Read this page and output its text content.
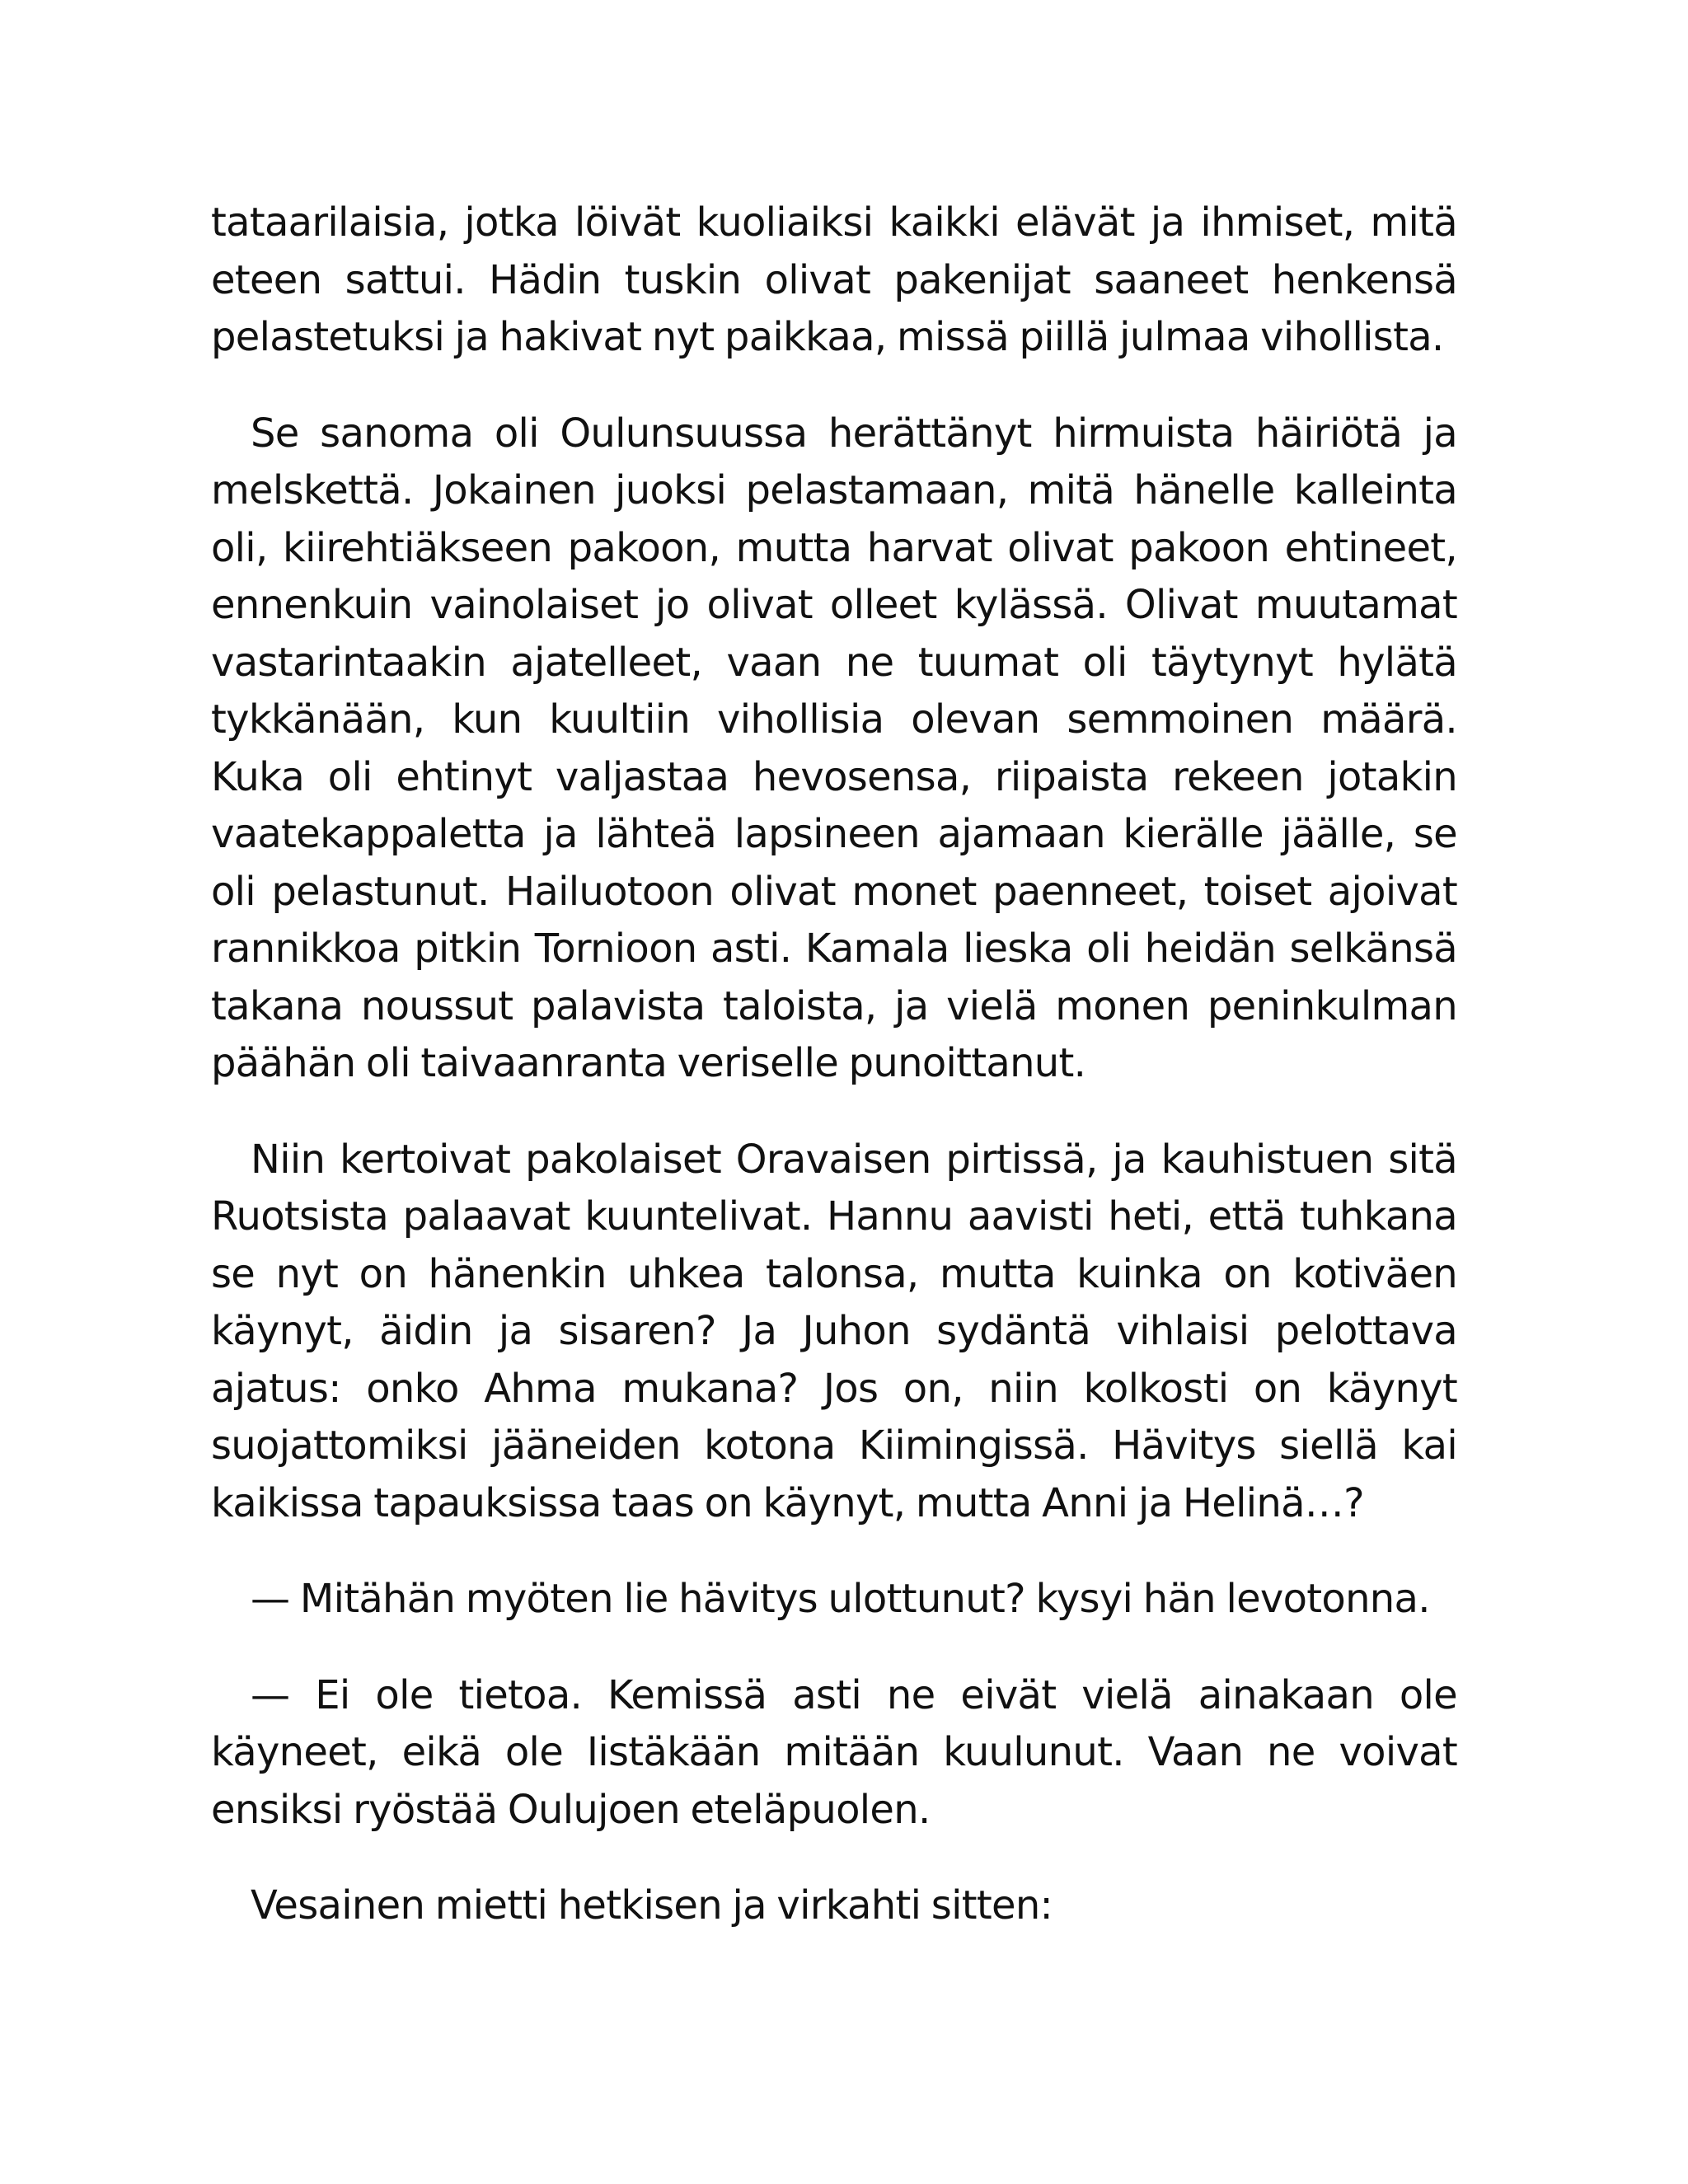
tataarilaisia, jotka löivät kuoliaiksi kaikki elävät ja ihmiset, mitä eteen sattui. Hädin tuskin olivat pakenijat saaneet henkensä pelastetuksi ja hakivat nyt paikkaa, missä piillä julmaa vihollista.

Se sanoma oli Oulunsuussa herättänyt hirmuista häiriötä ja melskettä. Jokainen juoksi pelastamaan, mitä hänelle kalleinta oli, kiirehtiäkseen pakoon, mutta harvat olivat pakoon ehtineet, ennenkuin vainolaiset jo olivat olleet kylässä. Olivat muutamat vastarintaakin ajatelleet, vaan ne tuumat oli täytynyt hylätä tykkänään, kun kuultiin vihollisia olevan semmoinen määrä. Kuka oli ehtinyt valjastaa hevosensa, riipaista rekeen jotakin vaatekappaletta ja lähteä lapsineen ajamaan kierälle jäälle, se oli pelastunut. Hailuotoon olivat monet paenneet, toiset ajoivat rannikkoa pitkin Tornioon asti. Kamala lieska oli heidän selkänsä takana noussut palavista taloista, ja vielä monen peninkulman päähän oli taivaanranta veriselle punoittanut.

Niin kertoivat pakolaiset Oravaisen pirtissä, ja kauhistuen sitä Ruotsista palaavat kuuntelivat. Hannu aavisti heti, että tuhkana se nyt on hänenkin uhkea talonsa, mutta kuinka on kotiväen käynyt, äidin ja sisaren? Ja Juhon sydäntä vihlaisi pelottava ajatus: onko Ahma mukana? Jos on, niin kolkosti on käynyt suojattomiksi jääneiden kotona Kiimingissä. Hävitys siellä kai kaikissa tapauksissa taas on käynyt, mutta Anni ja Helinä…?

— Mitähän myöten lie hävitys ulottunut? kysyi hän levotonna.

— Ei ole tietoa. Kemissä asti ne eivät vielä ainakaan ole käyneet, eikä ole Iistäkään mitään kuulunut. Vaan ne voivat ensiksi ryöstää Oulujoen eteläpuolen.

Vesainen mietti hetkisen ja virkahti sitten:
